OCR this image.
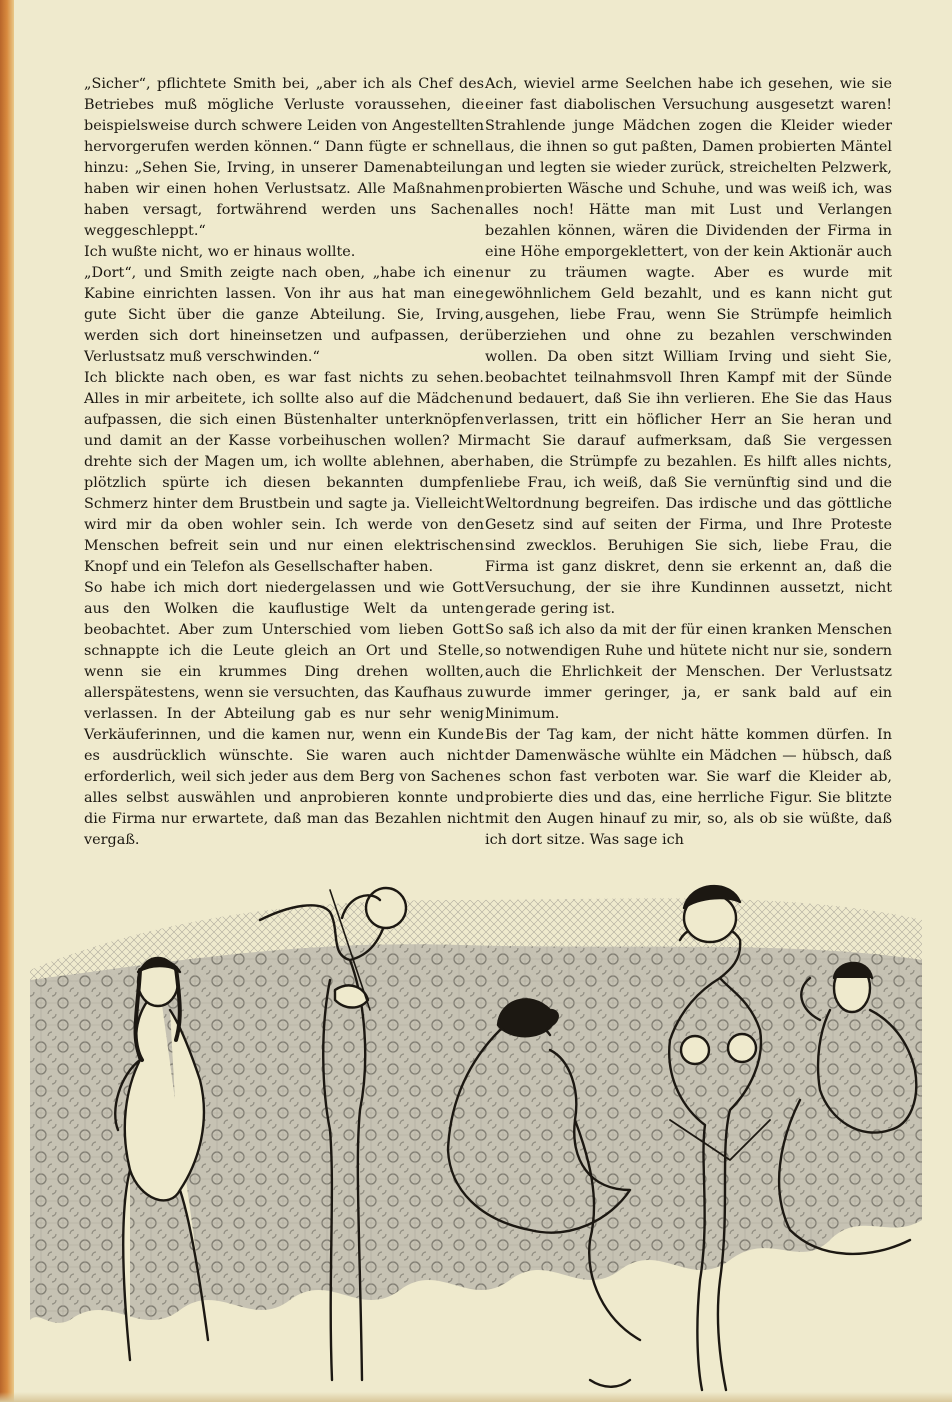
„Sicher“, pflichtete Smith bei, „aber ich als Chef des Betriebes muß mögliche Verluste voraussehen, die beispielsweise durch schwere Leiden von Angestellten hervorgerufen werden können.“ Dann fügte er schnell hinzu: „Sehen Sie, Irving, in unserer Damenabteilung haben wir einen hohen Verlustsatz. Alle Maßnahmen haben versagt, fortwährend werden uns Sachen weggeschleppt.“

Ich wußte nicht, wo er hinaus wollte.

„Dort“, und Smith zeigte nach oben, „habe ich eine Kabine einrichten lassen. Von ihr aus hat man eine gute Sicht über die ganze Abteilung. Sie, Irving, werden sich dort hineinsetzen und aufpassen, der Verlustsatz muß verschwinden.“

Ich blickte nach oben, es war fast nichts zu sehen. Alles in mir arbeitete, ich sollte also auf die Mädchen aufpassen, die sich einen Büstenhalter unterknöpfen und damit an der Kasse vorbeihuschen wollen? Mir drehte sich der Magen um, ich wollte ablehnen, aber plötzlich spürte ich diesen bekannten dumpfen Schmerz hinter dem Brustbein und sagte ja. Vielleicht wird mir da oben wohler sein. Ich werde von den Menschen befreit sein und nur einen elektrischen Knopf und ein Telefon als Gesellschafter haben.

So habe ich mich dort niedergelassen und wie Gott aus den Wolken die kauflustige Welt da unten beobachtet. Aber zum Unterschied vom lieben Gott schnappte ich die Leute gleich an Ort und Stelle, wenn sie ein krummes Ding drehen wollten, allerspätestens, wenn sie versuchten, das Kaufhaus zu verlassen. In der Abteilung gab es nur sehr wenig Verkäuferinnen, und die kamen nur, wenn ein Kunde es ausdrücklich wünschte. Sie waren auch nicht erforderlich, weil sich jeder aus dem Berg von Sachen alles selbst auswählen und anprobieren konnte und die Firma nur erwartete, daß man das Bezahlen nicht vergaß.

Ach, wieviel arme Seelchen habe ich gesehen, wie sie einer fast diabolischen Versuchung ausgesetzt waren! Strahlende junge Mädchen zogen die Kleider wieder aus, die ihnen so gut paßten, Damen probierten Mäntel an und legten sie wieder zurück, streichelten Pelzwerk, probierten Wäsche und Schuhe, und was weiß ich, was alles noch! Hätte man mit Lust und Verlangen bezahlen können, wären die Dividenden der Firma in eine Höhe emporgeklettert, von der kein Aktionär auch nur zu träumen wagte. Aber es wurde mit gewöhnlichem Geld bezahlt, und es kann nicht gut ausgehen, liebe Frau, wenn Sie Strümpfe heimlich überziehen und ohne zu bezahlen verschwinden wollen. Da oben sitzt William Irving und sieht Sie, beobachtet teilnahmsvoll Ihren Kampf mit der Sünde und bedauert, daß Sie ihn verlieren. Ehe Sie das Haus verlassen, tritt ein höflicher Herr an Sie heran und macht Sie darauf aufmerksam, daß Sie vergessen haben, die Strümpfe zu bezahlen. Es hilft alles nichts, liebe Frau, ich weiß, daß Sie vernünftig sind und die Weltordnung begreifen. Das irdische und das göttliche Gesetz sind auf seiten der Firma, und Ihre Proteste sind zwecklos. Beruhigen Sie sich, liebe Frau, die Firma ist ganz diskret, denn sie erkennt an, daß die Versuchung, der sie ihre Kundinnen aussetzt, nicht gerade gering ist.

So saß ich also da mit der für einen kranken Menschen so notwendigen Ruhe und hütete nicht nur sie, sondern auch die Ehrlichkeit der Menschen. Der Verlustsatz wurde immer geringer, ja, er sank bald auf ein Minimum.

Bis der Tag kam, der nicht hätte kommen dürfen. In der Damenwäsche wühlte ein Mädchen — hübsch, daß es schon fast verboten war. Sie warf die Kleider ab, probierte dies und das, eine herrliche Figur. Sie blitzte mit den Augen hinauf zu mir, so, als ob sie wüßte, daß ich dort sitze. Was sage ich
